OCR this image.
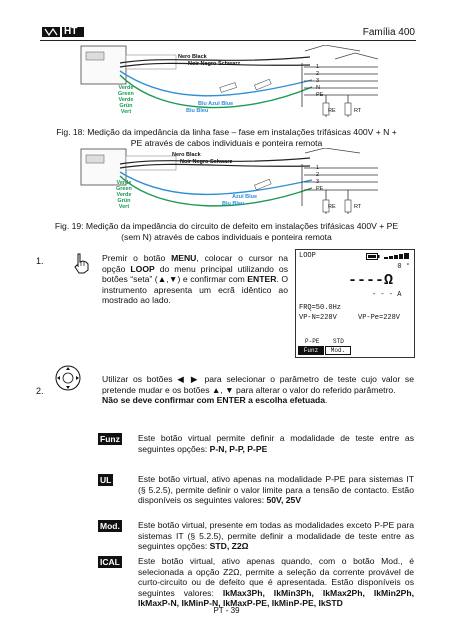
HT	Família 400
Nero Black
Noir Negro Schwarz
Verde
Green
Verde
Grün
Vert
Blu Azul Blue
Blu Bleu
1
2
3
N
PE
RE	RT
Fig. 18: Medição da impedância da linha fase – fase em instalações trifásicas 400V + N +
PE através de cabos individuais e ponteira remota
Nero Black
Noir Negro Schwarz
Verde
Green
Verde
Grün
Vert
Azul Blue
Blu Bleu
1
2
3
PE
RE	RT
Fig. 19: Medição da impedância do circuito de defeito em instalações trifásicas 400V + PE
(sem N) através de cabos individuais e ponteira remota
1.	Premir o botão MENU, colocar o cursor na opção LOOP do menu principal utilizando os botões “seta” (▲,▼) e confirmar com ENTER. O instrumento apresenta um ecrã idêntico ao mostrado ao lado.
LOOP
0 °
----Ω
- - - A
FRQ=50.0Hz
VP-N=228V	VP-Pe=228V
P-PE STD
Funz	Mod.
2.
Utilizar os botões ◀ ▶ para selecionar o parâmetro de teste cujo valor se pretende mudar e os botões ▲, ▼ para alterar o valor do referido parâmetro.
Não se deve confirmar com ENTER a escolha efetuada.
Funz Este botão virtual permite definir a modalidade de teste entre as seguintes opções: P-N, P-P, P-PE
UL	Este botão virtual, ativo apenas na modalidade P-PE para sistemas IT (§ 5.2.5), permite definir o valor limite para a tensão de contacto. Estão disponíveis os seguintes valores: 50V, 25V
Mod. Este botão virtual, presente em todas as modalidades exceto P-PE para sistemas IT (§ 5.2.5), permite definir a modalidade de teste entre as seguintes opções: STD, Z2Ω
ICAL Este botão virtual, ativo apenas quando, com o botão Mod., é selecionada a opção Z2Ω, permite a seleção da corrente provável de curto-circuito ou de defeito que é apresentada. Estão disponíveis os seguintes valores: IkMax3Ph, IkMin3Ph, IkMax2Ph, IkMin2Ph, IkMaxP-N, IkMinP-N, IkMaxP-PE, IkMinP-PE, IkSTD
PT - 39
